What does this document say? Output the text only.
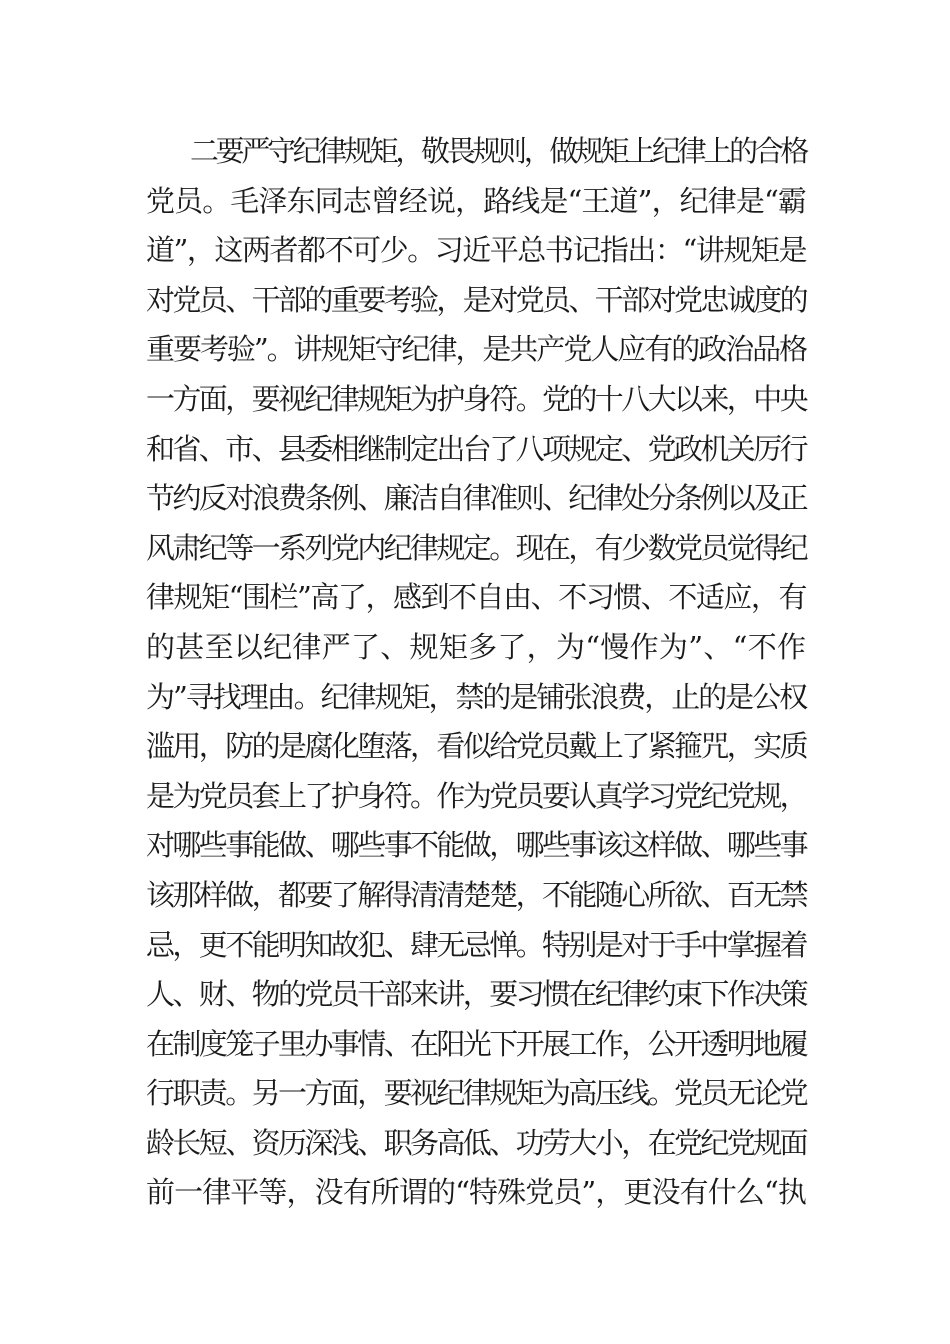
二要严守纪律规矩，敬畏规则，做规矩上纪律上的合格
党员。毛泽东同志曾经说，路线是“王道”，纪律是“霸
道”，这两者都不可少。习近平总书记指出：“讲规矩是
对党员、干部的重要考验，是对党员、干部对党忠诚度的
重要考验”。讲规矩守纪律，是共产党人应有的政治品格
一方面，要视纪律规矩为护身符。党的十八大以来，中央
和省、市、县委相继制定出台了八项规定、党政机关厉行
节约反对浪费条例、廉洁自律准则、纪律处分条例以及正
风肃纪等一系列党内纪律规定。现在，有少数党员觉得纪
律规矩“围栏”高了，感到不自由、不习惯、不适应，有
的甚至以纪律严了、规矩多了，为“慢作为”、“不作
为”寻找理由。纪律规矩，禁的是铺张浪费，止的是公权
滥用，防的是腐化堕落，看似给党员戴上了紧箍咒，实质
是为党员套上了护身符。作为党员要认真学习党纪党规，
对哪些事能做、哪些事不能做，哪些事该这样做、哪些事
该那样做，都要了解得清清楚楚，不能随心所欲、百无禁
忌，更不能明知故犯、肆无忌惮。特别是对于手中掌握着
人、财、物的党员干部来讲，要习惯在纪律约束下作决策
在制度笼子里办事情、在阳光下开展工作，公开透明地履
行职责。另一方面，要视纪律规矩为高压线。党员无论党
龄长短、资历深浅、职务高低、功劳大小，在党纪党规面
前一律平等，没有所谓的“特殊党员”，更没有什么“执
